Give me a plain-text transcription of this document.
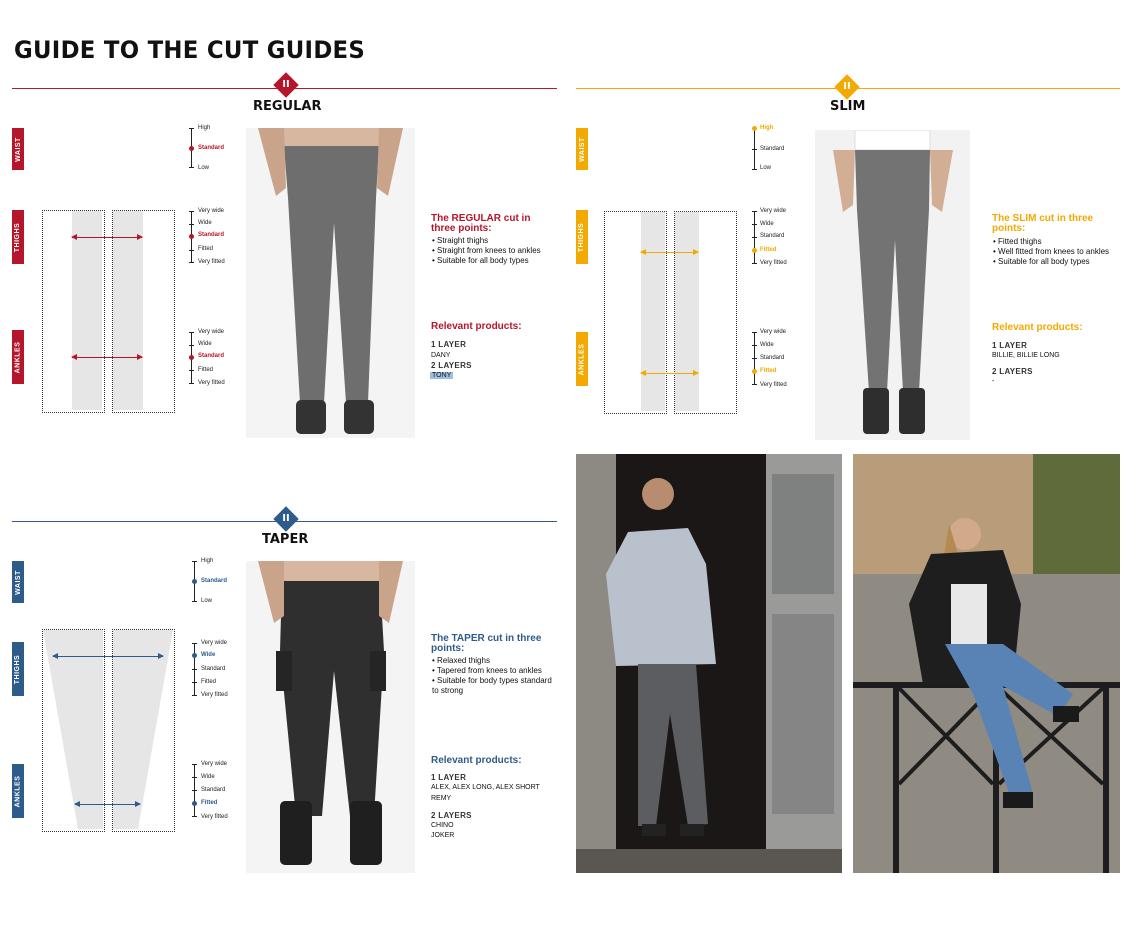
GUIDE TO THE CUT GUIDES
II
REGULAR
WAIST
THIGHS
ANKLES
High
Standard
Low
Very wide
Wide
Standard
Fitted
Very fitted
Very wide
Wide
Standard
Fitted
Very fitted
The REGULAR cut in three points:
• Straight thighs
• Straight from knees to ankles
• Suitable for all body types
Relevant products:
1 LAYER
DANY
2 LAYERS
TONY
II
SLIM
WAIST
THIGHS
ANKLES
High
Standard
Low
Very wide
Wide
Standard
Fitted
Very fitted
Very wide
Wide
Standard
Fitted
Very fitted
The SLIM cut in three points:
• Fitted thighs
• Well fitted from knees to ankles
• Suitable for all body types
Relevant products:
1 LAYER
BILLIE, BILLIE LONG
2 LAYERS
-
II
TAPER
WAIST
THIGHS
ANKLES
High
Standard
Low
Very wide
Wide
Standard
Fitted
Very fitted
Very wide
Wide
Standard
Fitted
Very fitted
The TAPER cut in three points:
• Relaxed thighs
• Tapered from knees to ankles
• Suitable for body types standard to strong
Relevant products:
1 LAYER
ALEX, ALEX LONG, ALEX SHORT
REMY
2 LAYERS
CHINO
JOKER
